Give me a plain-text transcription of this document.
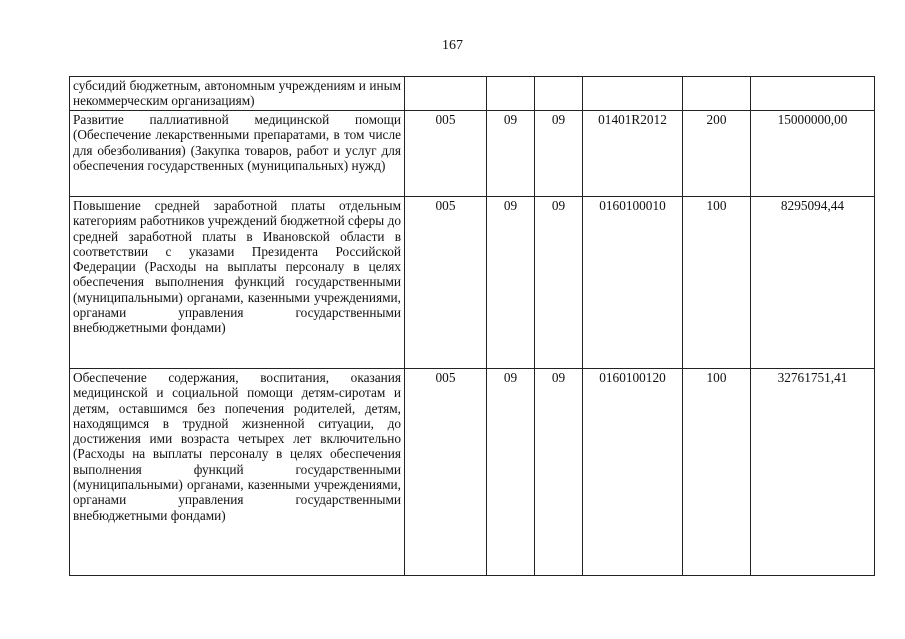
167
субсидий бюджетным, автономным учреждениям и иным некоммерческим организациям)						
Развитие паллиативной медицинской помощи (Обеспечение лекарственными препаратами, в том числе для обезболивания) (Закупка товаров, работ и услуг для обеспечения государственных (муниципальных) нужд)	005	09	09	01401R2012	200	15000000,00
Повышение средней заработной платы отдельным категориям работников учреждений бюджетной сферы до средней заработной платы в Ивановской области в соответствии с указами Президента Российской Федерации (Расходы на выплаты персоналу в целях обеспечения выполнения функций государственными (муниципальными) органами, казенными учреждениями, органами управления государственными внебюджетными фондами)	005	09	09	0160100010	100	8295094,44
Обеспечение содержания, воспитания, оказания медицинской и социальной помощи детям-сиротам и детям, оставшимся без попечения родителей, детям, находящимся в трудной жизненной ситуации, до достижения ими возраста четырех лет включительно (Расходы на выплаты персоналу в целях обеспечения выполнения функций государственными (муниципальными) органами, казенными учреждениями, органами управления государственными внебюджетными фондами)	005	09	09	0160100120	100	32761751,41
